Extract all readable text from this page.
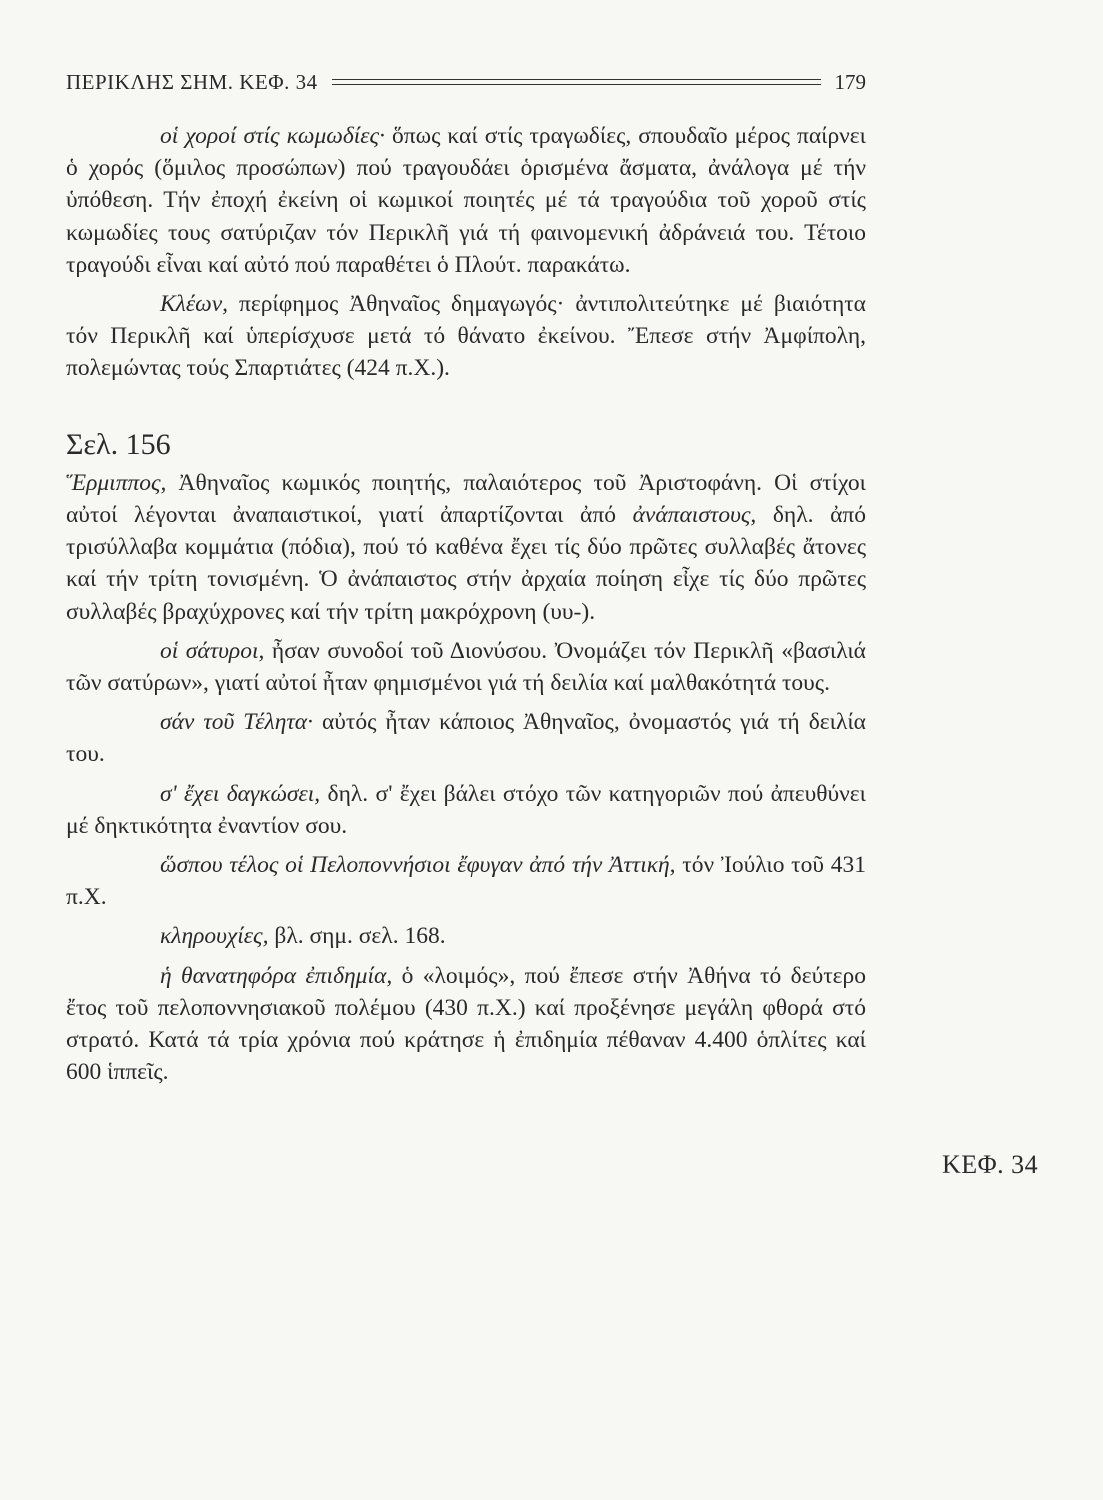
ΠΕΡΙΚΛΗΣ ΣΗΜ. ΚΕΦ. 34	179

οἱ χοροί στίς κωμωδίες· ὅπως καί στίς τραγωδίες, σπουδαῖο μέρος παίρνει ὁ χορός (ὅμιλος προσώπων) πού τραγουδάει ὁρισμένα ἄσματα, ἀνάλογα μέ τήν ὑπόθεση. Τήν ἐποχή ἐκείνη οἱ κωμικοί ποιητές μέ τά τραγούδια τοῦ χοροῦ στίς κωμωδίες τους σατύριζαν τόν Περικλῆ γιά τή φαινομενική ἀδράνειά του. Τέτοιο τραγούδι εἶναι καί αὐτό πού παραθέτει ὁ Πλούτ. παρακάτω.

Κλέων, περίφημος Ἀθηναῖος δημαγωγός· ἀντιπολιτεύτηκε μέ βιαιότητα τόν Περικλῆ καί ὑπερίσχυσε μετά τό θάνατο ἐκείνου. Ἔπεσε στήν Ἀμφίπολη, πολεμώντας τούς Σπαρτιάτες (424 π.Χ.).

Σελ. 156

Ἕρμιππος, Ἀθηναῖος κωμικός ποιητής, παλαιότερος τοῦ Ἀριστοφάνη. Οἱ στίχοι αὐτοί λέγονται ἀναπαιστικοί, γιατί ἀπαρτίζονται ἀπό ἀνάπαιστους, δηλ. ἀπό τρισύλλαβα κομμάτια (πόδια), πού τό καθένα ἔχει τίς δύο πρῶτες συλλαβές ἄτονες καί τήν τρίτη τονισμένη. Ὁ ἀνάπαιστος στήν ἀρχαία ποίηση εἶχε τίς δύο πρῶτες συλλαβές βραχύχρονες καί τήν τρίτη μακρόχρονη (υυ-).

οἱ σάτυροι, ἦσαν συνοδοί τοῦ Διονύσου. Ὀνομάζει τόν Περικλῆ «βασιλιά τῶν σατύρων», γιατί αὐτοί ἦταν φημισμένοι γιά τή δειλία καί μαλθακότητά τους.

σάν τοῦ Τέλητα· αὐτός ἦταν κάποιος Ἀθηναῖος, ὀνομαστός γιά τή δειλία του.

σ' ἔχει δαγκώσει, δηλ. σ' ἔχει βάλει στόχο τῶν κατηγοριῶν πού ἀπευθύνει μέ δηκτικότητα ἐναντίον σου.

ὥσπου τέλος οἱ Πελοποννήσιοι ἔφυγαν ἀπό τήν Ἀττική, τόν Ἰούλιο τοῦ 431 π.Χ.

κληρουχίες, βλ. σημ. σελ. 168.

ἡ θανατηφόρα ἐπιδημία, ὁ «λοιμός», πού ἔπεσε στήν Ἀθήνα τό δεύτερο ἔτος τοῦ πελοποννησιακοῦ πολέμου (430 π.Χ.) καί προξένησε μεγάλη φθορά στό στρατό. Κατά τά τρία χρόνια πού κράτησε ἡ ἐπιδημία πέθαναν 4.400 ὁπλίτες καί 600 ἱππεῖς.

ΚΕΦ. 34
